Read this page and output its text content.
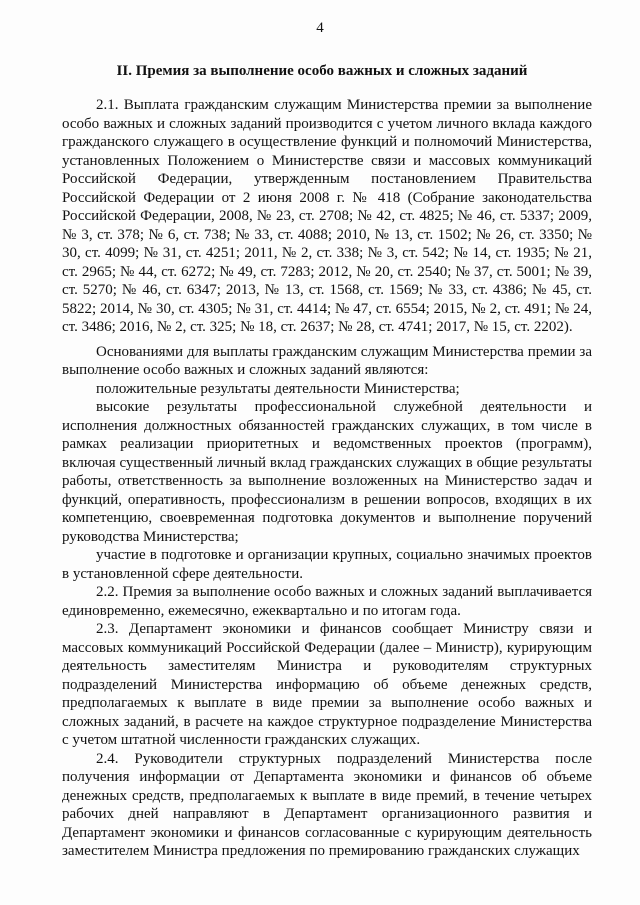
4
II. Премия за выполнение особо важных и сложных заданий

2.1. Выплата гражданским служащим Министерства премии за выполнение особо важных и сложных заданий производится с учетом личного вклада каждого гражданского служащего в осуществление функций и полномочий Министерства, установленных Положением о Министерстве связи и массовых коммуникаций Российской Федерации, утвержденным постановлением Правительства Российской Федерации от 2 июня 2008 г. № 418 (Собрание законодательства Российской Федерации, 2008, № 23, ст. 2708; № 42, ст. 4825; № 46, ст. 5337; 2009, № 3, ст. 378; № 6, ст. 738; № 33, ст. 4088; 2010, № 13, ст. 1502; № 26, ст. 3350; № 30, ст. 4099; № 31, ст. 4251; 2011, № 2, ст. 338; № 3, ст. 542; № 14, ст. 1935; № 21, ст. 2965; № 44, ст. 6272; № 49, ст. 7283; 2012, № 20, ст. 2540; № 37, ст. 5001; № 39, ст. 5270; № 46, ст. 6347; 2013, № 13, ст. 1568, ст. 1569; № 33, ст. 4386; № 45, ст. 5822; 2014, № 30, ст. 4305; № 31, ст. 4414; № 47, ст. 6554; 2015, № 2, ст. 491; № 24, ст. 3486; 2016, № 2, ст. 325; № 18, ст. 2637; № 28, ст. 4741; 2017, № 15, ст. 2202).

Основаниями для выплаты гражданским служащим Министерства премии за выполнение особо важных и сложных заданий являются:

положительные результаты деятельности Министерства;

высокие результаты профессиональной служебной деятельности и исполнения должностных обязанностей гражданских служащих, в том числе в рамках реализации приоритетных и ведомственных проектов (программ), включая существенный личный вклад гражданских служащих в общие результаты работы, ответственность за выполнение возложенных на Министерство задач и функций, оперативность, профессионализм в решении вопросов, входящих в их компетенцию, своевременная подготовка документов и выполнение поручений руководства Министерства;

участие в подготовке и организации крупных, социально значимых проектов в установленной сфере деятельности.

2.2. Премия за выполнение особо важных и сложных заданий выплачивается единовременно, ежемесячно, ежеквартально и по итогам года.

2.3. Департамент экономики и финансов сообщает Министру связи и массовых коммуникаций Российской Федерации (далее – Министр), курирующим деятельность заместителям Министра и руководителям структурных подразделений Министерства информацию об объеме денежных средств, предполагаемых к выплате в виде премии за выполнение особо важных и сложных заданий, в расчете на каждое структурное подразделение Министерства с учетом штатной численности гражданских служащих.

2.4. Руководители структурных подразделений Министерства после получения информации от Департамента экономики и финансов об объеме денежных средств, предполагаемых к выплате в виде премий, в течение четырех рабочих дней направляют в Департамент организационного развития и Департамент экономики и финансов согласованные с курирующим деятельность заместителем Министра предложения по премированию гражданских служащих
